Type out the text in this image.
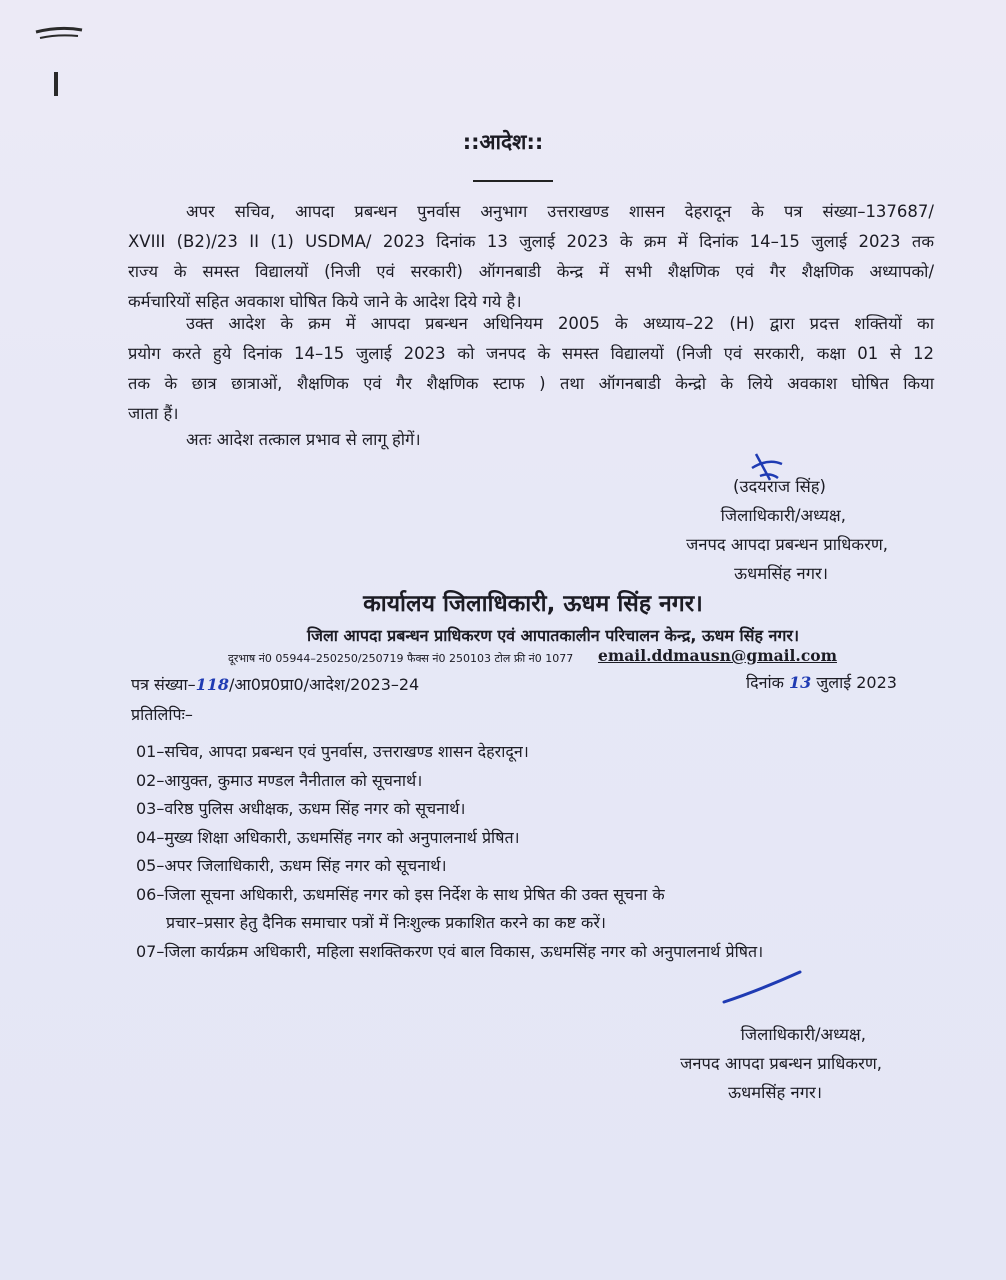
::आदेश::
अपर सचिव, आपदा प्रबन्धन पुनर्वास अनुभाग उत्तराखण्ड शासन देहरादून के पत्र संख्या–137687/
XVIII (B2)/23 II (1) USDMA/ 2023 दिनांक 13 जुलाई 2023 के क्रम में दिनांक 14–15 जुलाई 2023 तक
राज्य के समस्त विद्यालयों (निजी एवं सरकारी) ऑगनबाडी केन्द्र में सभी शैक्षणिक एवं गैर शैक्षणिक अध्यापको/
कर्मचारियों सहित अवकाश घोषित किये जाने के आदेश दिये गये है।
उक्त आदेश के क्रम में आपदा प्रबन्धन अधिनियम 2005 के अध्याय–22 (H) द्वारा प्रदत्त शक्तियों का
प्रयोग करते हुये दिनांक 14–15 जुलाई 2023 को जनपद के समस्त विद्यालयों (निजी एवं सरकारी, कक्षा 01 से 12
तक के छात्र छात्राओं, शैक्षणिक एवं गैर शैक्षणिक स्टाफ ) तथा ऑगनबाडी केन्द्रो के लिये अवकाश घोषित किया
जाता हैं।
अतः आदेश तत्काल प्रभाव से लागू होगें।
(उदयराज सिंह)
जिलाधिकारी/अध्यक्ष,
जनपद आपदा प्रबन्धन प्राधिकरण,
ऊधमसिंह नगर।
कार्यालय जिलाधिकारी, ऊधम सिंह नगर।
जिला आपदा प्रबन्धन प्राधिकरण एवं आपातकालीन परिचालन केन्द्र, ऊधम सिंह नगर।
दूरभाष नं0 05944–250250/250719 फैक्स नं0 250103 टोल फ्री नं0 1077 email.ddmausn@gmail.com
पत्र संख्या–118/आ0प्र0प्रा0/आदेश/2023–24	दिनांक 13 जुलाई 2023
प्रतिलिपिः–
01–सचिव, आपदा प्रबन्धन एवं पुनर्वास, उत्तराखण्ड शासन देहरादून।
02–आयुक्त, कुमाउ मण्डल नैनीताल को सूचनार्थ।
03–वरिष्ठ पुलिस अधीक्षक, ऊधम सिंह नगर को सूचनार्थ।
04–मुख्य शिक्षा अधिकारी, ऊधमसिंह नगर को अनुपालनार्थ प्रेषित।
05–अपर जिलाधिकारी, ऊधम सिंह नगर को सूचनार्थ।
06–जिला सूचना अधिकारी, ऊधमसिंह नगर को इस निर्देश के साथ प्रेषित की उक्त सूचना के
प्रचार–प्रसार हेतु दैनिक समाचार पत्रों में निःशुल्क प्रकाशित करने का कष्ट करें।
07–जिला कार्यक्रम अधिकारी, महिला सशक्तिकरण एवं बाल विकास, ऊधमसिंह नगर को अनुपालनार्थ प्रेषित।
जिलाधिकारी/अध्यक्ष,
जनपद आपदा प्रबन्धन प्राधिकरण,
ऊधमसिंह नगर।
